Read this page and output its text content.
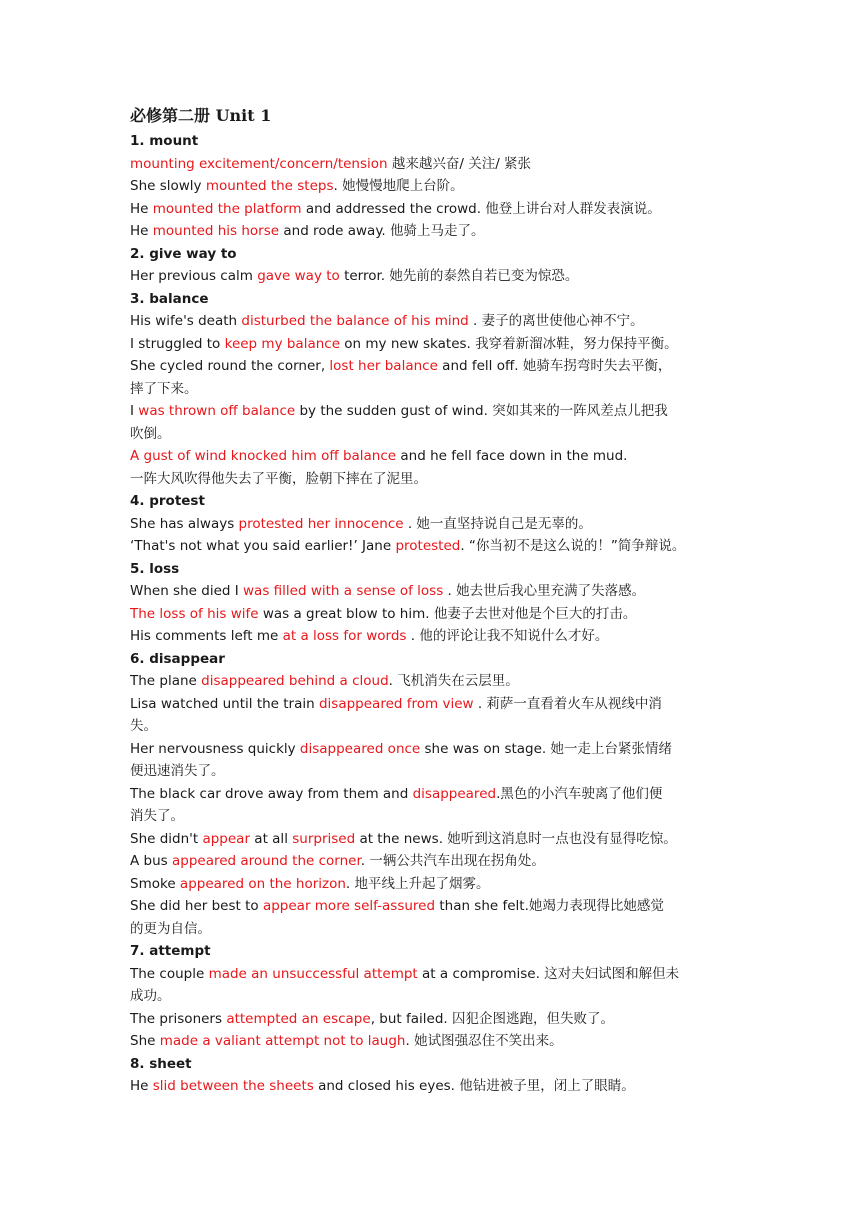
必修第二册 Unit 1
1. mount
mounting excitement/concern/tension 越来越兴奋/ 关注/ 紧张
She slowly mounted the steps. 她慢慢地爬上台阶。
He mounted the platform and addressed the crowd. 他登上讲台对人群发表演说。
He mounted his horse and rode away. 他骑上马走了。
2. give way to
Her previous calm gave way to terror. 她先前的泰然自若已变为惊恐。
3. balance
His wife's death disturbed the balance of his mind . 妻子的离世使他心神不宁。
I struggled to keep my balance on my new skates. 我穿着新溜冰鞋，努力保持平衡。
She cycled round the corner, lost her balance and fell off. 她骑车拐弯时失去平衡，
摔了下来。
I was thrown off balance by the sudden gust of wind. 突如其来的一阵风差点儿把我
吹倒。
A gust of wind knocked him off balance and he fell face down in the mud.
一阵大风吹得他失去了平衡，脸朝下摔在了泥里。
4. protest
She has always protested her innocence . 她一直坚持说自己是无辜的。
‘That's not what you said earlier!’ Jane protested. “你当初不是这么说的！”简争辩说。
5. loss
When she died I was filled with a sense of loss . 她去世后我心里充满了失落感。
The loss of his wife was a great blow to him. 他妻子去世对他是个巨大的打击。
His comments left me at a loss for words . 他的评论让我不知说什么才好。
6. disappear
The plane disappeared behind a cloud. 飞机消失在云层里。
Lisa watched until the train disappeared from view . 莉萨一直看着火车从视线中消
失。
Her nervousness quickly disappeared once she was on stage. 她一走上台紧张情绪
便迅速消失了。
The black car drove away from them and disappeared.黑色的小汽车驶离了他们便
消失了。
She didn't appear at all surprised at the news. 她听到这消息时一点也没有显得吃惊。
A bus appeared around the corner. 一辆公共汽车出现在拐角处。
Smoke appeared on the horizon. 地平线上升起了烟雾。
She did her best to appear more self-assured than she felt.她竭力表现得比她感觉
的更为自信。
7. attempt
The couple made an unsuccessful attempt at a compromise. 这对夫妇试图和解但未
成功。
The prisoners attempted an escape, but failed. 囚犯企图逃跑，但失败了。
She made a valiant attempt not to laugh. 她试图强忍住不笑出来。
8. sheet
He slid between the sheets and closed his eyes. 他钻进被子里，闭上了眼睛。
